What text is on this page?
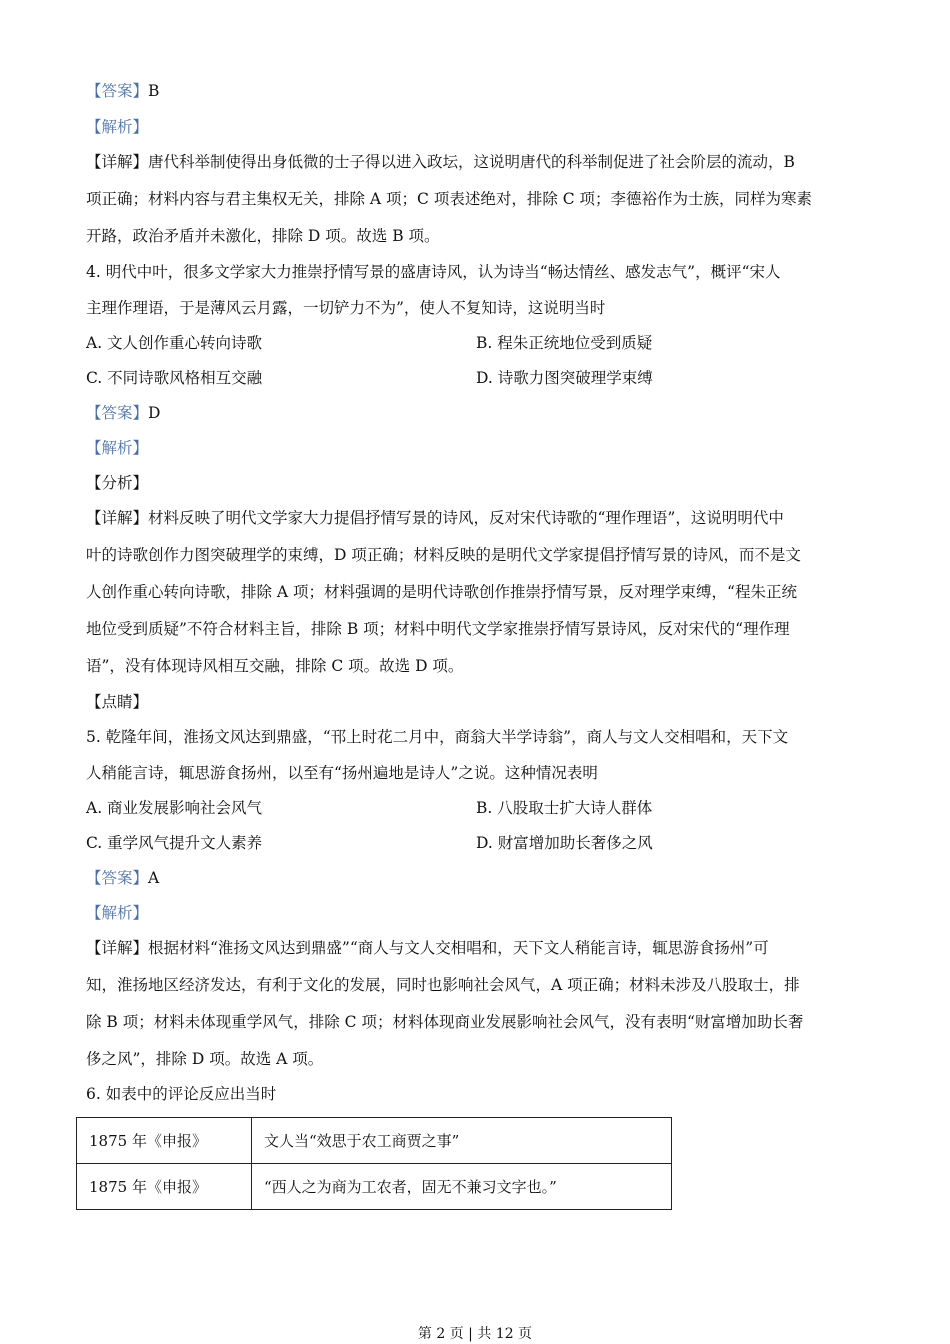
【答案】B
【解析】
【详解】唐代科举制使得出身低微的士子得以进入政坛，这说明唐代的科举制促进了社会阶层的流动，B
项正确；材料内容与君主集权无关，排除 A 项；C 项表述绝对，排除 C 项；李德裕作为士族，同样为寒素
开路，政治矛盾并未激化，排除 D 项。故选 B 项。
4. 明代中叶，很多文学家大力推崇抒情写景的盛唐诗风，认为诗当“畅达情丝、感发志气”，概评“宋人
主理作理语，于是薄风云月露，一切铲力不为”，使人不复知诗，这说明当时
A. 文人创作重心转向诗歌	B. 程朱正统地位受到质疑
C. 不同诗歌风格相互交融	D. 诗歌力图突破理学束缚
【答案】D
【解析】
【分析】
【详解】材料反映了明代文学家大力提倡抒情写景的诗风，反对宋代诗歌的“理作理语”，这说明明代中
叶的诗歌创作力图突破理学的束缚，D 项正确；材料反映的是明代文学家提倡抒情写景的诗风，而不是文
人创作重心转向诗歌，排除 A 项；材料强调的是明代诗歌创作推崇抒情写景，反对理学束缚，“程朱正统
地位受到质疑”不符合材料主旨，排除 B 项；材料中明代文学家推崇抒情写景诗风，反对宋代的“理作理
语”，没有体现诗风相互交融，排除 C 项。故选 D 项。
【点睛】
5. 乾隆年间，淮扬文风达到鼎盛，“邗上时花二月中，商翁大半学诗翁”，商人与文人交相唱和，天下文
人稍能言诗，辄思游食扬州，以至有“扬州遍地是诗人”之说。这种情况表明
A. 商业发展影响社会风气	B. 八股取士扩大诗人群体
C. 重学风气提升文人素养	D. 财富增加助长奢侈之风
【答案】A
【解析】
【详解】根据材料“淮扬文风达到鼎盛”“商人与文人交相唱和，天下文人稍能言诗，辄思游食扬州”可
知，淮扬地区经济发达，有利于文化的发展，同时也影响社会风气，A 项正确；材料未涉及八股取士，排
除 B 项；材料未体现重学风气，排除 C 项；材料体现商业发展影响社会风气，没有表明“财富增加助长奢
侈之风”，排除 D 项。故选 A 项。
6. 如表中的评论反应出当时
1875 年《申报》	文人当“效思于农工商贾之事”
1875 年《申报》	“西人之为商为工农者，固无不兼习文字也。”
第 2 页 | 共 12 页
